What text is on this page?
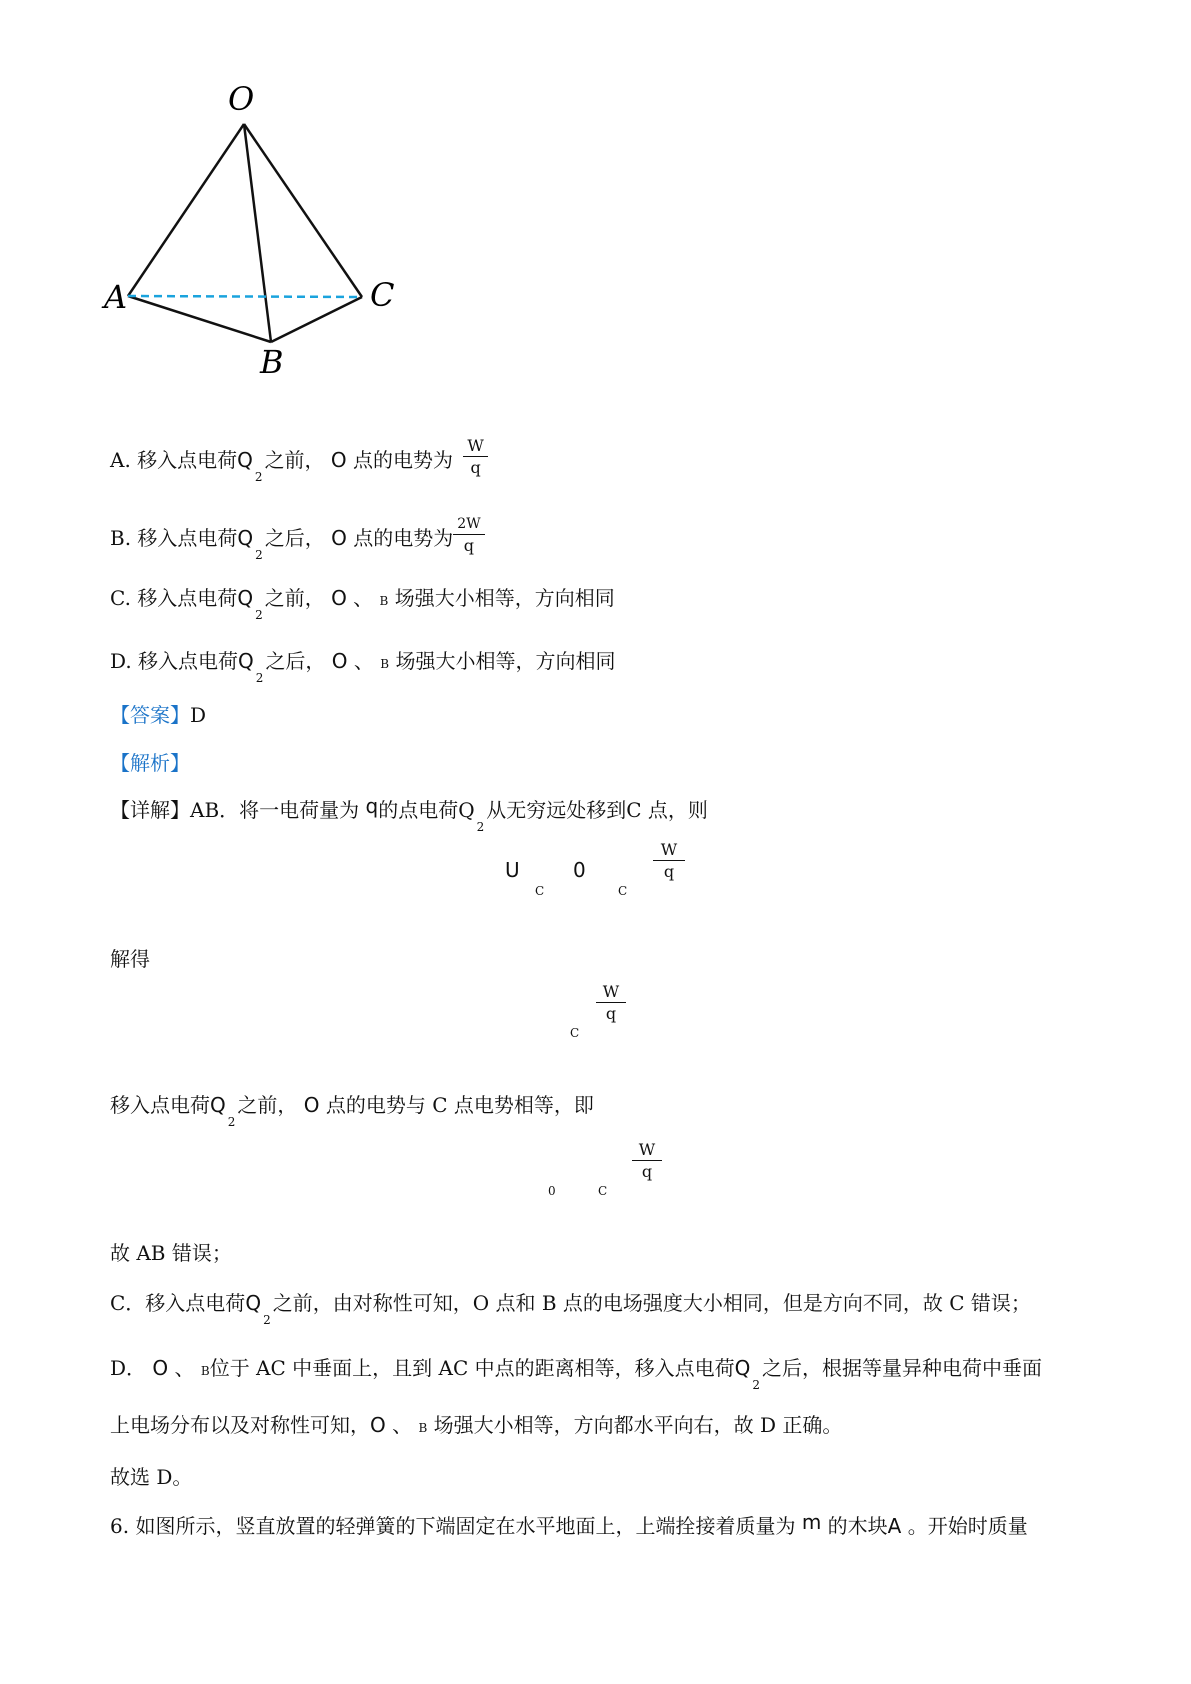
O
A	C
B
A. 移入点电荷$Q_2$之前， O 点的电势为 $\frac{W}{q}$
B. 移入点电荷$Q_2$之后， O 点的电势为 $\frac{2W}{q}$
C. 移入点电荷$Q_2$之前， O 、 B 场强大小相等，方向相同
D. 移入点电荷$Q_2$之后， O 、 B 场强大小相等，方向相同
【答案】D
【解析】
【详解】AB．将一电荷量为 q的点电荷$Q_2$从无穷远处移到C 点，则
U
C
0
C
W
q
解得
C
W
q
移入点电荷$Q_2$之前， O 点的电势与 C 点电势相等，即
0	C
W
q
故 AB 错误；
C．移入点电荷$Q_2$之前，由对称性可知，O 点和 B 点的电场强度大小相同，但是方向不同，故 C 错误；
D． O 、 B位于 AC 中垂面上，且到 AC 中点的距离相等，移入点电荷$Q_2$之后，根据等量异种电荷中垂面
上电场分布以及对称性可知，O 、 B 场强大小相等，方向都水平向右，故 D 正确。
故选 D。
6. 如图所示，竖直放置的轻弹簧的下端固定在水平地面上，上端拴接着质量为 m 的木块A 。开始时质量
